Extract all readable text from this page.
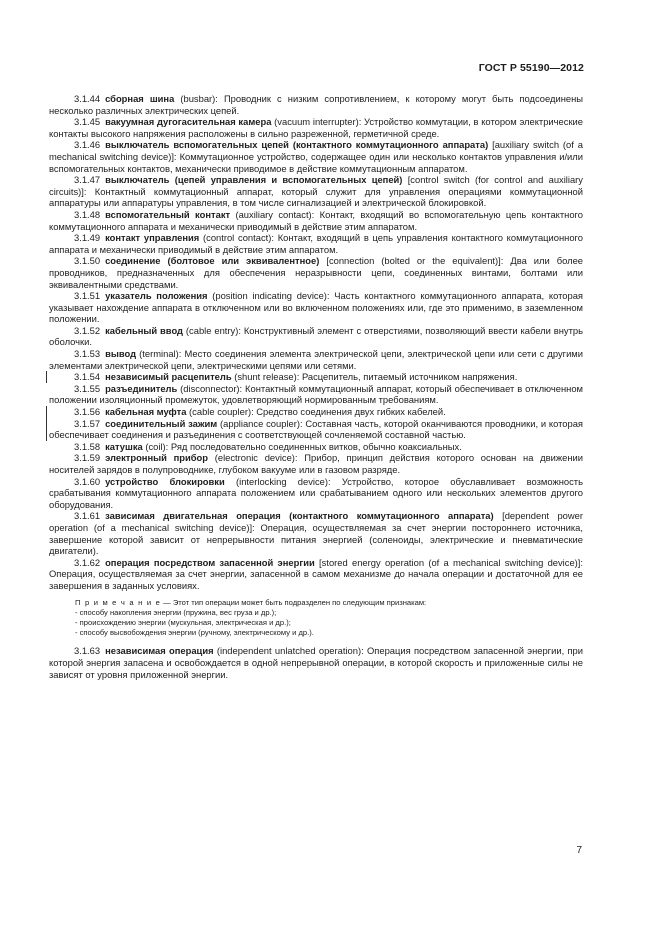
ГОСТ Р 55190—2012

3.1.44 сборная шина (busbar): Проводник с низким сопротивлением, к которому могут быть подсоединены несколько различных электрических цепей.

3.1.45 вакуумная дугогасительная камера (vacuum interrupter): Устройство коммутации, в котором электрические контакты высокого напряжения расположены в сильно разреженной, герметичной среде.

3.1.46 выключатель вспомогательных цепей (контактного коммутационного аппарата) [auxiliary switch (of a mechanical switching device)]: Коммутационное устройство, содержащее один или несколько контактов управления и/или вспомогательных контактов, механически приводимое в действие коммутационным аппаратом.

3.1.47 выключатель (цепей управления и вспомогательных цепей) [control switch (for control and auxiliary circuits)]: Контактный коммутационный аппарат, который служит для управления операциями коммутационной аппаратуры или аппаратуры управления, в том числе сигнализацией и электрической блокировкой.

3.1.48 вспомогательный контакт (auxiliary contact): Контакт, входящий во вспомогательную цепь контактного коммутационного аппарата и механически приводимый в действие этим аппаратом.

3.1.49 контакт управления (control contact): Контакт, входящий в цепь управления контактного коммутационного аппарата и механически приводимый в действие этим аппаратом.

3.1.50 соединение (болтовое или эквивалентное) [connection (bolted or the equivalent)]: Два или более проводников, предназначенных для обеспечения неразрывности цепи, соединенных винтами, болтами или эквивалентными средствами.

3.1.51 указатель положения (position indicating device): Часть контактного коммутационного аппарата, которая указывает нахождение аппарата в отключенном или во включенном положениях или, где это применимо, в заземленном положении.

3.1.52 кабельный ввод (cable entry): Конструктивный элемент с отверстиями, позволяющий ввести кабели внутрь оболочки.

3.1.53 вывод (terminal): Место соединения элемента электрической цепи, электрической цепи или сети с другими элементами электрической цепи, электрическими цепями или сетями.

3.1.54 независимый расцепитель (shunt release): Расцепитель, питаемый источником напряжения.

3.1.55 разъединитель (disconnector): Контактный коммутационный аппарат, который обеспечивает в отключенном положении изоляционный промежуток, удовлетворяющий нормированным требованиям.

3.1.56 кабельная муфта (cable coupler): Средство соединения двух гибких кабелей.

3.1.57 соединительный зажим (appliance coupler): Составная часть, которой оканчиваются проводники, и которая обеспечивает соединения и разъединения с соответствующей сочленяемой составной частью.

3.1.58 катушка (coil): Ряд последовательно соединенных витков, обычно коаксиальных.

3.1.59 электронный прибор (electronic device): Прибор, принцип действия которого основан на движении носителей зарядов в полупроводнике, глубоком вакууме или в газовом разряде.

3.1.60 устройство блокировки (interlocking device): Устройство, которое обуславливает возможность срабатывания коммутационного аппарата положением или срабатыванием одного или нескольких элементов другого оборудования.

3.1.61 зависимая двигательная операция (контактного коммутационного аппарата) [dependent power operation (of a mechanical switching device)]: Операция, осуществляемая за счет энергии постороннего источника, завершение которой зависит от непрерывности питания энергией (соленоиды, электрические и пневматические двигатели).

3.1.62 операция посредством запасенной энергии [stored energy operation (of a mechanical switching device)]: Операция, осуществляемая за счет энергии, запасенной в самом механизме до начала операции и достаточной для ее завершения в заданных условиях.

П р и м е ч а н и е — Этот тип операции может быть подразделен по следующим признакам:

- способу накопления энергии (пружина, вес груза и др.);

- происхождению энергии (мускульная, электрическая и др.);

- способу высвобождения энергии (ручному, электрическому и др.).

3.1.63 независимая операция (independent unlatched operation): Операция посредством запасенной энергии, при которой энергия запасена и освобождается в одной непрерывной операции, в которой скорость и приложенные силы не зависят от уровня приложенной энергии.

7
